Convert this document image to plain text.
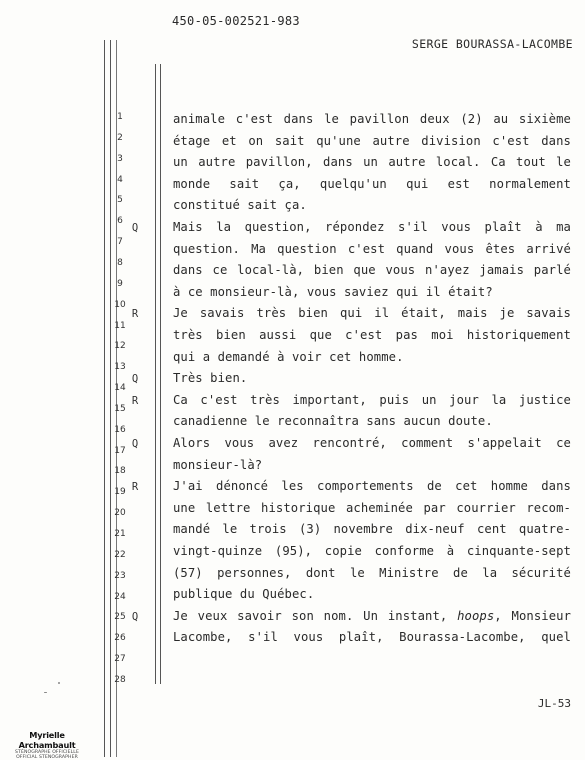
450-05-002521-983
SERGE BOURASSA-LACOMBE
1
2
3
4
5
6
7
8
9
10
11
12
13
14
15
16
17
18
19
20
21
22
23
24
25
26
27
28
animale c'est dans le pavillon deux (2) au sixième
étage et on sait qu'une autre division c'est dans
un autre pavillon, dans un autre local. Ca tout le
monde sait ça, quelqu'un qui est normalement
constitué sait ça.
Q	Mais la question, répondez s'il vous plaît à ma
question. Ma question c'est quand vous êtes arrivé
dans ce local-là, bien que vous n'ayez jamais parlé
à ce monsieur-là, vous saviez qui il était?
R	Je savais très bien qui il était, mais je savais
très bien aussi que c'est pas moi historiquement
qui a demandé à voir cet homme.
Q	Très bien.
R	Ca c'est très important, puis un jour la justice
canadienne le reconnaîtra sans aucun doute.
Q	Alors vous avez rencontré, comment s'appelait ce
monsieur-là?
R	J'ai dénoncé les comportements de cet homme dans
une lettre historique acheminée par courrier recom-
mandé le trois (3) novembre dix-neuf cent quatre-
vingt-quinze (95), copie conforme à cinquante-sept
(57) personnes, dont le Ministre de la sécurité
publique du Québec.
Q	Je veux savoir son nom. Un instant, hoops, Monsieur
Lacombe, s'il vous plaît, Bourassa-Lacombe, quel
JL-53
Myrielle Archambault
STÉNOGRAPHE OFFICIELLE
OFFICIAL STENOGRAPHER
